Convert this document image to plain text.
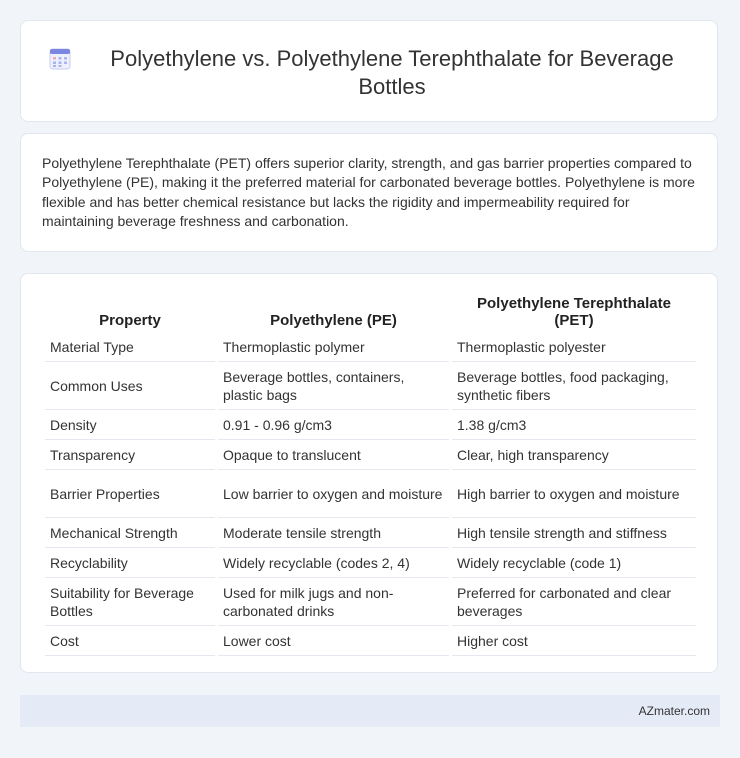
Polyethylene vs. Polyethylene Terephthalate for Beverage Bottles
Polyethylene Terephthalate (PET) offers superior clarity, strength, and gas barrier properties compared to Polyethylene (PE), making it the preferred material for carbonated beverage bottles. Polyethylene is more flexible and has better chemical resistance but lacks the rigidity and impermeability required for maintaining beverage freshness and carbonation.
Property	Polyethylene (PE)	Polyethylene Terephthalate (PET)
Material Type	Thermoplastic polymer	Thermoplastic polyester
Common Uses	Beverage bottles, containers, plastic bags	Beverage bottles, food packaging, synthetic fibers
Density	0.91 - 0.96 g/cm3	1.38 g/cm3
Transparency	Opaque to translucent	Clear, high transparency
Barrier Properties	Low barrier to oxygen and moisture	High barrier to oxygen and moisture
Mechanical Strength	Moderate tensile strength	High tensile strength and stiffness
Recyclability	Widely recyclable (codes 2, 4)	Widely recyclable (code 1)
Suitability for Beverage Bottles	Used for milk jugs and non-carbonated drinks	Preferred for carbonated and clear beverages
Cost	Lower cost	Higher cost
AZmater.com
